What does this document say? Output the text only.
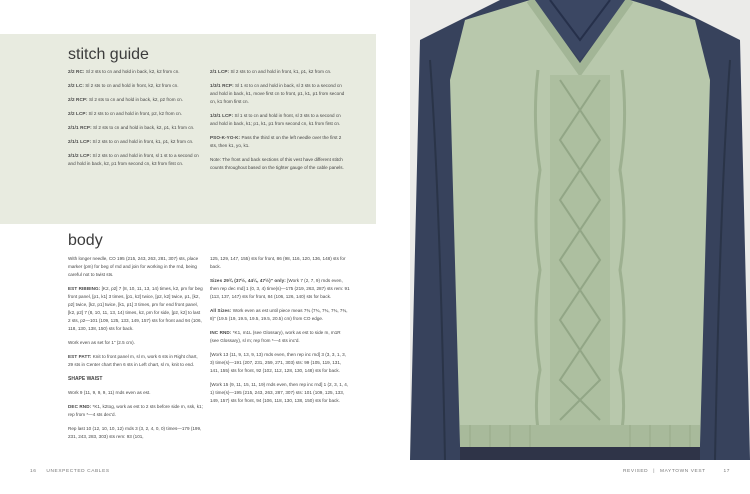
stitch guide

2/2 RC: Sl 2 sts to cn and hold in back, k2, k2 from cn.

2/2 LC: Sl 2 sts to cn and hold in front, k2, k2 from cn.

2/2 RCP: Sl 2 sts to cn and hold in back, k2, p2 from cn.

2/2 LCP: Sl 2 sts to cn and hold in front, p2, k2 from cn.

2/1/1 RCP: Sl 2 sts to cn and hold in back, k2, p1, k1 from cn.

2/1/1 LCP: Sl 2 sts to cn and hold in front, k1, p1, k2 from cn.

3/1/2 LCP: Sl 2 sts to cn and hold in front, sl 1 st to a second cn and hold in back, k2, p1 from second cn, k3 from first cn.

2/1 LCP: Sl 2 sts to cn and hold in front, k1, p1, k2 from cn.

1/3/1 RCP: Sl 1 st to cn and hold in back, sl 3 sts to a second cn and hold in back, k1, move first cn to front, p1, k1, p1 from second cn, k1 from first cn.

1/3/1 LCP: Sl 1 st to cn and hold in front, sl 3 sts to a second cn and hold in back, k1; p1, k1, p1 from second cn, k1 from first cn.

PSO-K-YO-K: Pass the third st on the left needle over the first 2 sts, then k1, yo, k1.

Note: The front and back sections of this vest have different stitch counts throughout based on the tighter gauge of the cable panels.

body

With longer needle, CO 195 (215, 243, 263, 281, 307) sts, place marker (pm) for beg of rnd and join for working in the rnd, being careful not to twist sts.

EST RIBBING: [K2, p2] 7 (8, 10, 11, 13, 14) times, k2, pm for beg front panel, [p1, k1] 3 times, [p1, k2] twice, [p2, k2] twice, p1, [k2, p2] twice, [k2, p1] twice, [k1, p1] 3 times, pm for end front panel, [k2, p2] 7 (8, 10, 11, 13, 14) times, k2, pm for side, [p2, k2] to last 2 sts, p2—101 (109, 125, 133, 149, 157) sts for front and 94 (106, 118, 130, 138, 150) sts for back.

Work even as set for 1" (2.5 cm).

EST PATT: Knit to front panel m, sl m, work 6 sts in Right chart, 29 sts in Center chart then 6 sts in Left chart, sl m, knit to end.

SHAPE WAIST

Work 9 (11, 9, 9, 9, 11) rnds even as est.

DEC RND: *K1, k2tog, work as est to 2 sts before side m, ssk, k1; rep from *—4 sts dec'd.

Rep last 10 (12, 10, 10, 12) rnds 3 (3, 2, 4, 0, 0) times—179 (199, 231, 243, 283, 303) sts rem: 93 (101,

125, 129, 147, 155) sts for front, 86 (98, 116, 120, 136, 148) sts for back.

Sizes 29¾ (37½, 44¼, 47½)" only: [Work 7 (2, 7, 9) rnds even, then rep dec rnd] 1 (0, 3, 4) time(s)—175 (219, 263, 287) sts rem: 91 (113, 137, 147) sts for front, 84 (106, 126, 140) sts for back.

All Sizes: Work even as est until piece meas 7¾ (7¾, 7¾, 7¾, 7¾, 8)" (19.5 (19, 19.5, 19.5, 19.5, 20.5) cm) from CO edge.

INC RND: *K1, m1L (see Glossary), work as est to side m, m1R (see Glossary), sl m; rep from *—4 sts inc'd.

[Work 13 (11, 9, 13, 9, 13) rnds even, then rep inc rnd] 3 (3, 3, 1, 3, 3) time(s)—191 (207, 231, 259, 271, 303) sts: 99 (105, 119, 131, 141, 155) sts for front, 92 (102, 112, 128, 130, 148) sts for back.

[Work 15 (9, 11, 15, 11, 19) rnds even, then rep inc rnd] 1 (2, 3, 1, 4, 1) time(s)—195 (215, 243, 263, 287, 307) sts: 101 (109, 125, 133, 149, 157) sts for front, 94 (106, 118, 130, 138, 150) sts for back.

16 UNEXPECTED CABLES	REVISED | MAYTOWN VEST	17
